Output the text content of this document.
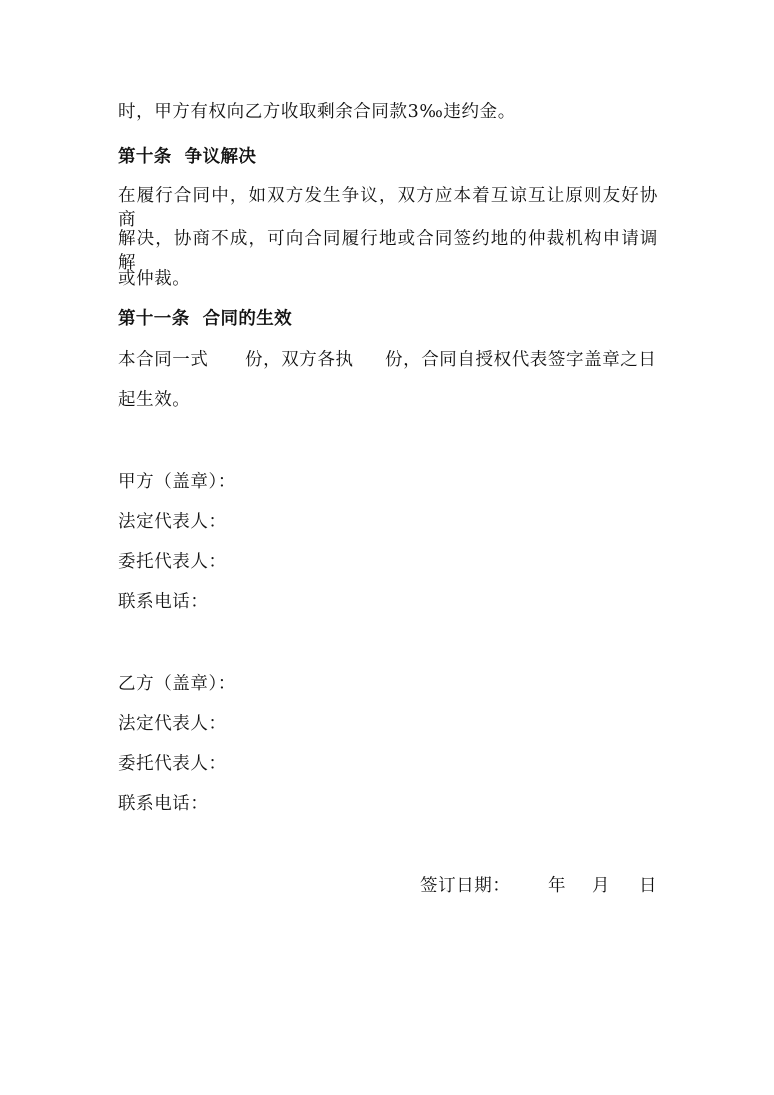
时，甲方有权向乙方收取剩余合同款3‰违约金。
第十条  争议解决
在履行合同中，如双方发生争议，双方应本着互谅互让原则友好协商
解决，协商不成，可向合同履行地或合同签约地的仲裁机构申请调解
或仲裁。
第十一条  合同的生效
本合同一式 份，双方各执 份，合同自授权代表签字盖章之日
起生效。
甲方（盖章）：
法定代表人：
委托代表人：
联系电话：
乙方（盖章）：
法定代表人：
委托代表人：
联系电话：
签订日期： 年 月 日
